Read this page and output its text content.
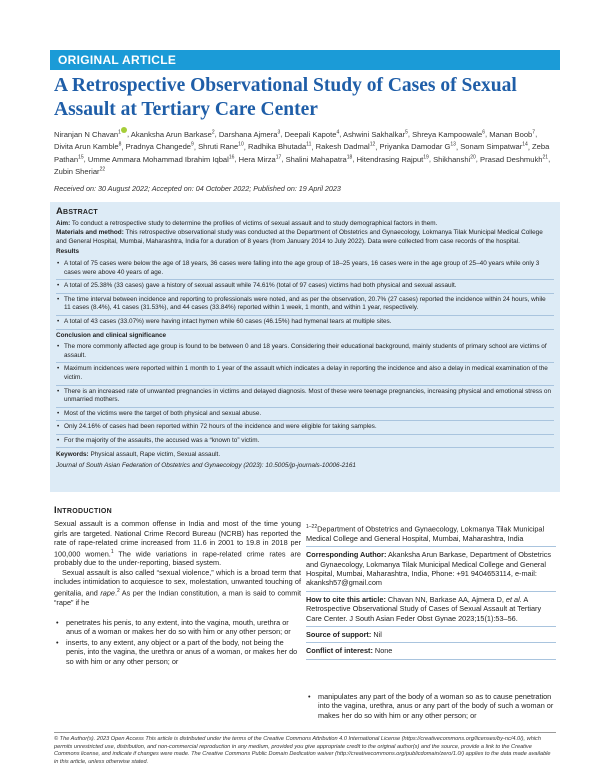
ORIGINAL ARTICLE
A Retrospective Observational Study of Cases of Sexual Assault at Tertiary Care Center
Niranjan N Chavan$^1$ , Akanksha Arun Barkase$^2$, Darshana Ajmera$^3$, Deepali Kapote$^4$, Ashwini Sakhalkar$^5$, Shreya Kampoowale$^6$, Manan Boob$^7$, Divita Arun Kamble$^8$, Pradnya Changede$^9$, Shruti Rane$^{10}$, Radhika Bhutada$^{11}$, Rakesh Dadmal$^{12}$, Priyanka Damodar $G^{13}$, Sonam Simpatwar$^{14}$, Zeba Pathan$^{15}$, Umme Ammara Mohammad Ibrahim Iqbal$^{16}$, Hera Mirza$^{17}$, Shalini Mahapatra$^{18}$, Hitendrasing Rajput$^{19}$, Shikhanshi$^{20}$, Prasad Deshmukh$^{21}$, Zubin Sheriar$^{22}$
Received on: 30 August 2022; Accepted on: 04 October 2022; Published on: 19 April 2023
Abstract

Aim: To conduct a retrospective study to determine the profiles of victims of sexual assault and to study demographical factors in them.

Materials and method: This retrospective observational study was conducted at the Department of Obstetrics and Gynaecology, Lokmanya Tilak Municipal Medical College and General Hospital, Mumbai, Maharashtra, India for a duration of 8 years (from January 2014 to July 2022). Data were collected from case records of the hospital.

Results
• A total of 75 cases were below the age of 18 years, 36 cases were falling into the age group of 18–25 years, 16 cases were in the age group of 25–40 years while only 3 cases were above 40 years of age.
• A total of 25.38% (33 cases) gave a history of sexual assault while 74.61% (total of 97 cases) victims had both physical and sexual assault.
• The time interval between incidence and reporting to professionals were noted, and as per the observation, 20.7% (27 cases) reported the incidence within 24 hours, while 11 cases (8.4%), 41 cases (31.53%), and 44 cases (33.84%) reported within 1 week, 1 month, and within 1 year, respectively.
• A total of 43 cases (33.07%) were having intact hymen while 60 cases (46.15%) had hymenal tears at multiple sites.
Conclusion and clinical significance
• The more commonly affected age group is found to be between 0 and 18 years. Considering their educational background, mainly students of primary school are victims of assault.
• Maximum incidences were reported within 1 month to 1 year of the assault which indicates a delay in reporting the incidence and also a delay in medical examination of the victim.
• There is an increased rate of unwanted pregnancies in victims and delayed diagnosis. Most of these were teenage pregnancies, increasing physical and emotional stress on unmarried mothers.
• Most of the victims were the target of both physical and sexual abuse.
• Only 24.16% of cases had been reported within 72 hours of the incidence and were eligible for taking samples.
• For the majority of the assaults, the accused was a “known to” victim.

Keywords: Physical assault, Rape victim, Sexual assault.

Journal of South Asian Federation of Obstetrics and Gynaecology (2023): 10.5005/jp-journals-10006-2161

Introduction

Sexual assault is a common offense in India and most of the time young girls are targeted. National Crime Record Bureau (NCRB) has reported the rate of rape-related crime increased from 11.6 in 2001 to 19.8 in 2018 per 100,000 women.$^1$ The wide variations in rape-related crime rates are probably due to the under-reporting, biased system.

Sexual assault is also called “sexual violence,” which is a broad term that includes intimidation to acquiesce to sex, molestation, unwanted touching of genitalia, and rape.$^2$ As per the Indian constitution, a man is said to commit “rape” if he

• penetrates his penis, to any extent, into the vagina, mouth, urethra or anus of a woman or makes her do so with him or any other person; or
• inserts, to any extent, any object or a part of the body, not being the penis, into the vagina, the urethra or anus of a woman, or makes her do so with him or any other person; or
$^{1-22}$Department of Obstetrics and Gynaecology, Lokmanya Tilak Municipal Medical College and General Hospital, Mumbai, Maharashtra, India
Corresponding Author: Akanksha Arun Barkase, Department of Obstetrics and Gynaecology, Lokmanya Tilak Municipal Medical College and General Hospital, Mumbai, Maharashtra, India, Phone: +91 9404653114, e-mail: akanksh57@gmail.com
How to cite this article: Chavan NN, Barkase AA, Ajmera D, et al. A Retrospective Observational Study of Cases of Sexual Assault at Tertiary Care Center. J South Asian Feder Obst Gynae 2023;15(1):53–56.
Source of support: Nil
Conflict of interest: None
• manipulates any part of the body of a woman so as to cause penetration into the vagina, urethra, anus or any part of the body of such a woman or makes her do so with him or any other person; or
© The Author(s). 2023 Open Access This article is distributed under the terms of the Creative Commons Attribution 4.0 International License (https://creativecommons.org/licenses/by-nc/4.0/), which permits unrestricted use, distribution, and non-commercial reproduction in any medium, provided you give appropriate credit to the original author(s) and the source, provide a link to the Creative Commons license, and indicate if changes were made. The Creative Commons Public Domain Dedication waiver (http://creativecommons.org/publicdomain/zero/1.0/) applies to the data made available in this article, unless otherwise stated.
